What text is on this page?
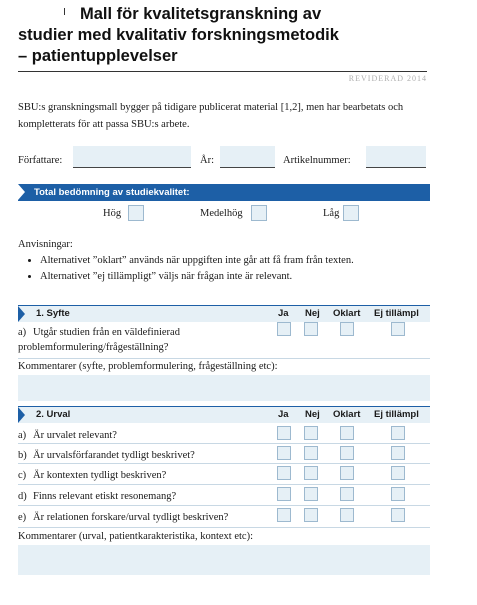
Mall för kvalitetsgranskning av
studier med kvalitativ forskningsmetodik
– patientupplevelser
REVIDERAD 2014
SBU:s granskningsmall bygger på tidigare publicerat material [1,2], men har bearbetats och kompletterats för att passa SBU:s arbete.
Författare:	År:	Artikelnummer:
Total bedömning av studiekvalitet:
Hög	Medelhög	Låg
Anvisningar:
• Alternativet ”oklart” används när uppgiften inte går att få fram från texten.
• Alternativet ”ej tillämpligt” väljs när frågan inte är relevant.
1. Syfte	Ja Nej Oklart Ej tillämpl
a) Utgår studien från en väldefinierad problemformulering/frågeställning?
Kommentarer (syfte, problemformulering, frågeställning etc):
2. Urval	Ja Nej Oklart Ej tillämpl
a) Är urvalet relevant?
b) Är urvalsförfarandet tydligt beskrivet?
c) Är kontexten tydligt beskriven?
d) Finns relevant etiskt resonemang?
e) Är relationen forskare/urval tydligt beskriven?
Kommentarer (urval, patientkarakteristika, kontext etc):
